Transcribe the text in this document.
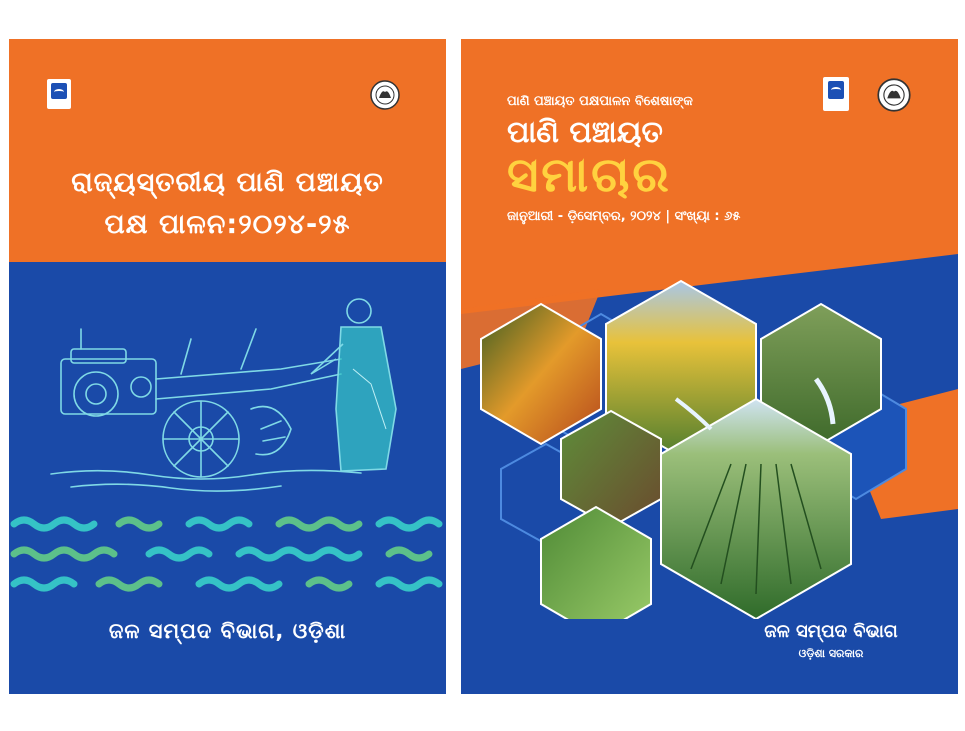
ରାଜ୍ୟସ୍ତରୀୟ ପାଣି ପଞ୍ଚାୟତ
ପକ୍ଷ ପାଳନ:୨୦୨୪-୨୫
ଜଳ ସମ୍ପଦ ବିଭାଗ, ଓଡ଼ିଶା
ପାଣି ପଞ୍ଚାୟତ ପକ୍ଷପାଳନ ବିଶେଷାଙ୍କ
ପାଣି ପଞ୍ଚାୟତ
ସମାଚାର
ଜାନୁଆରୀ - ଡ଼ିସେମ୍ବର, ୨୦୨୪ | ସଂଖ୍ୟା : ୬୫
ଜଳ ସମ୍ପଦ ବିଭାଗ
ଓଡ଼ିଶା ସରକାର
